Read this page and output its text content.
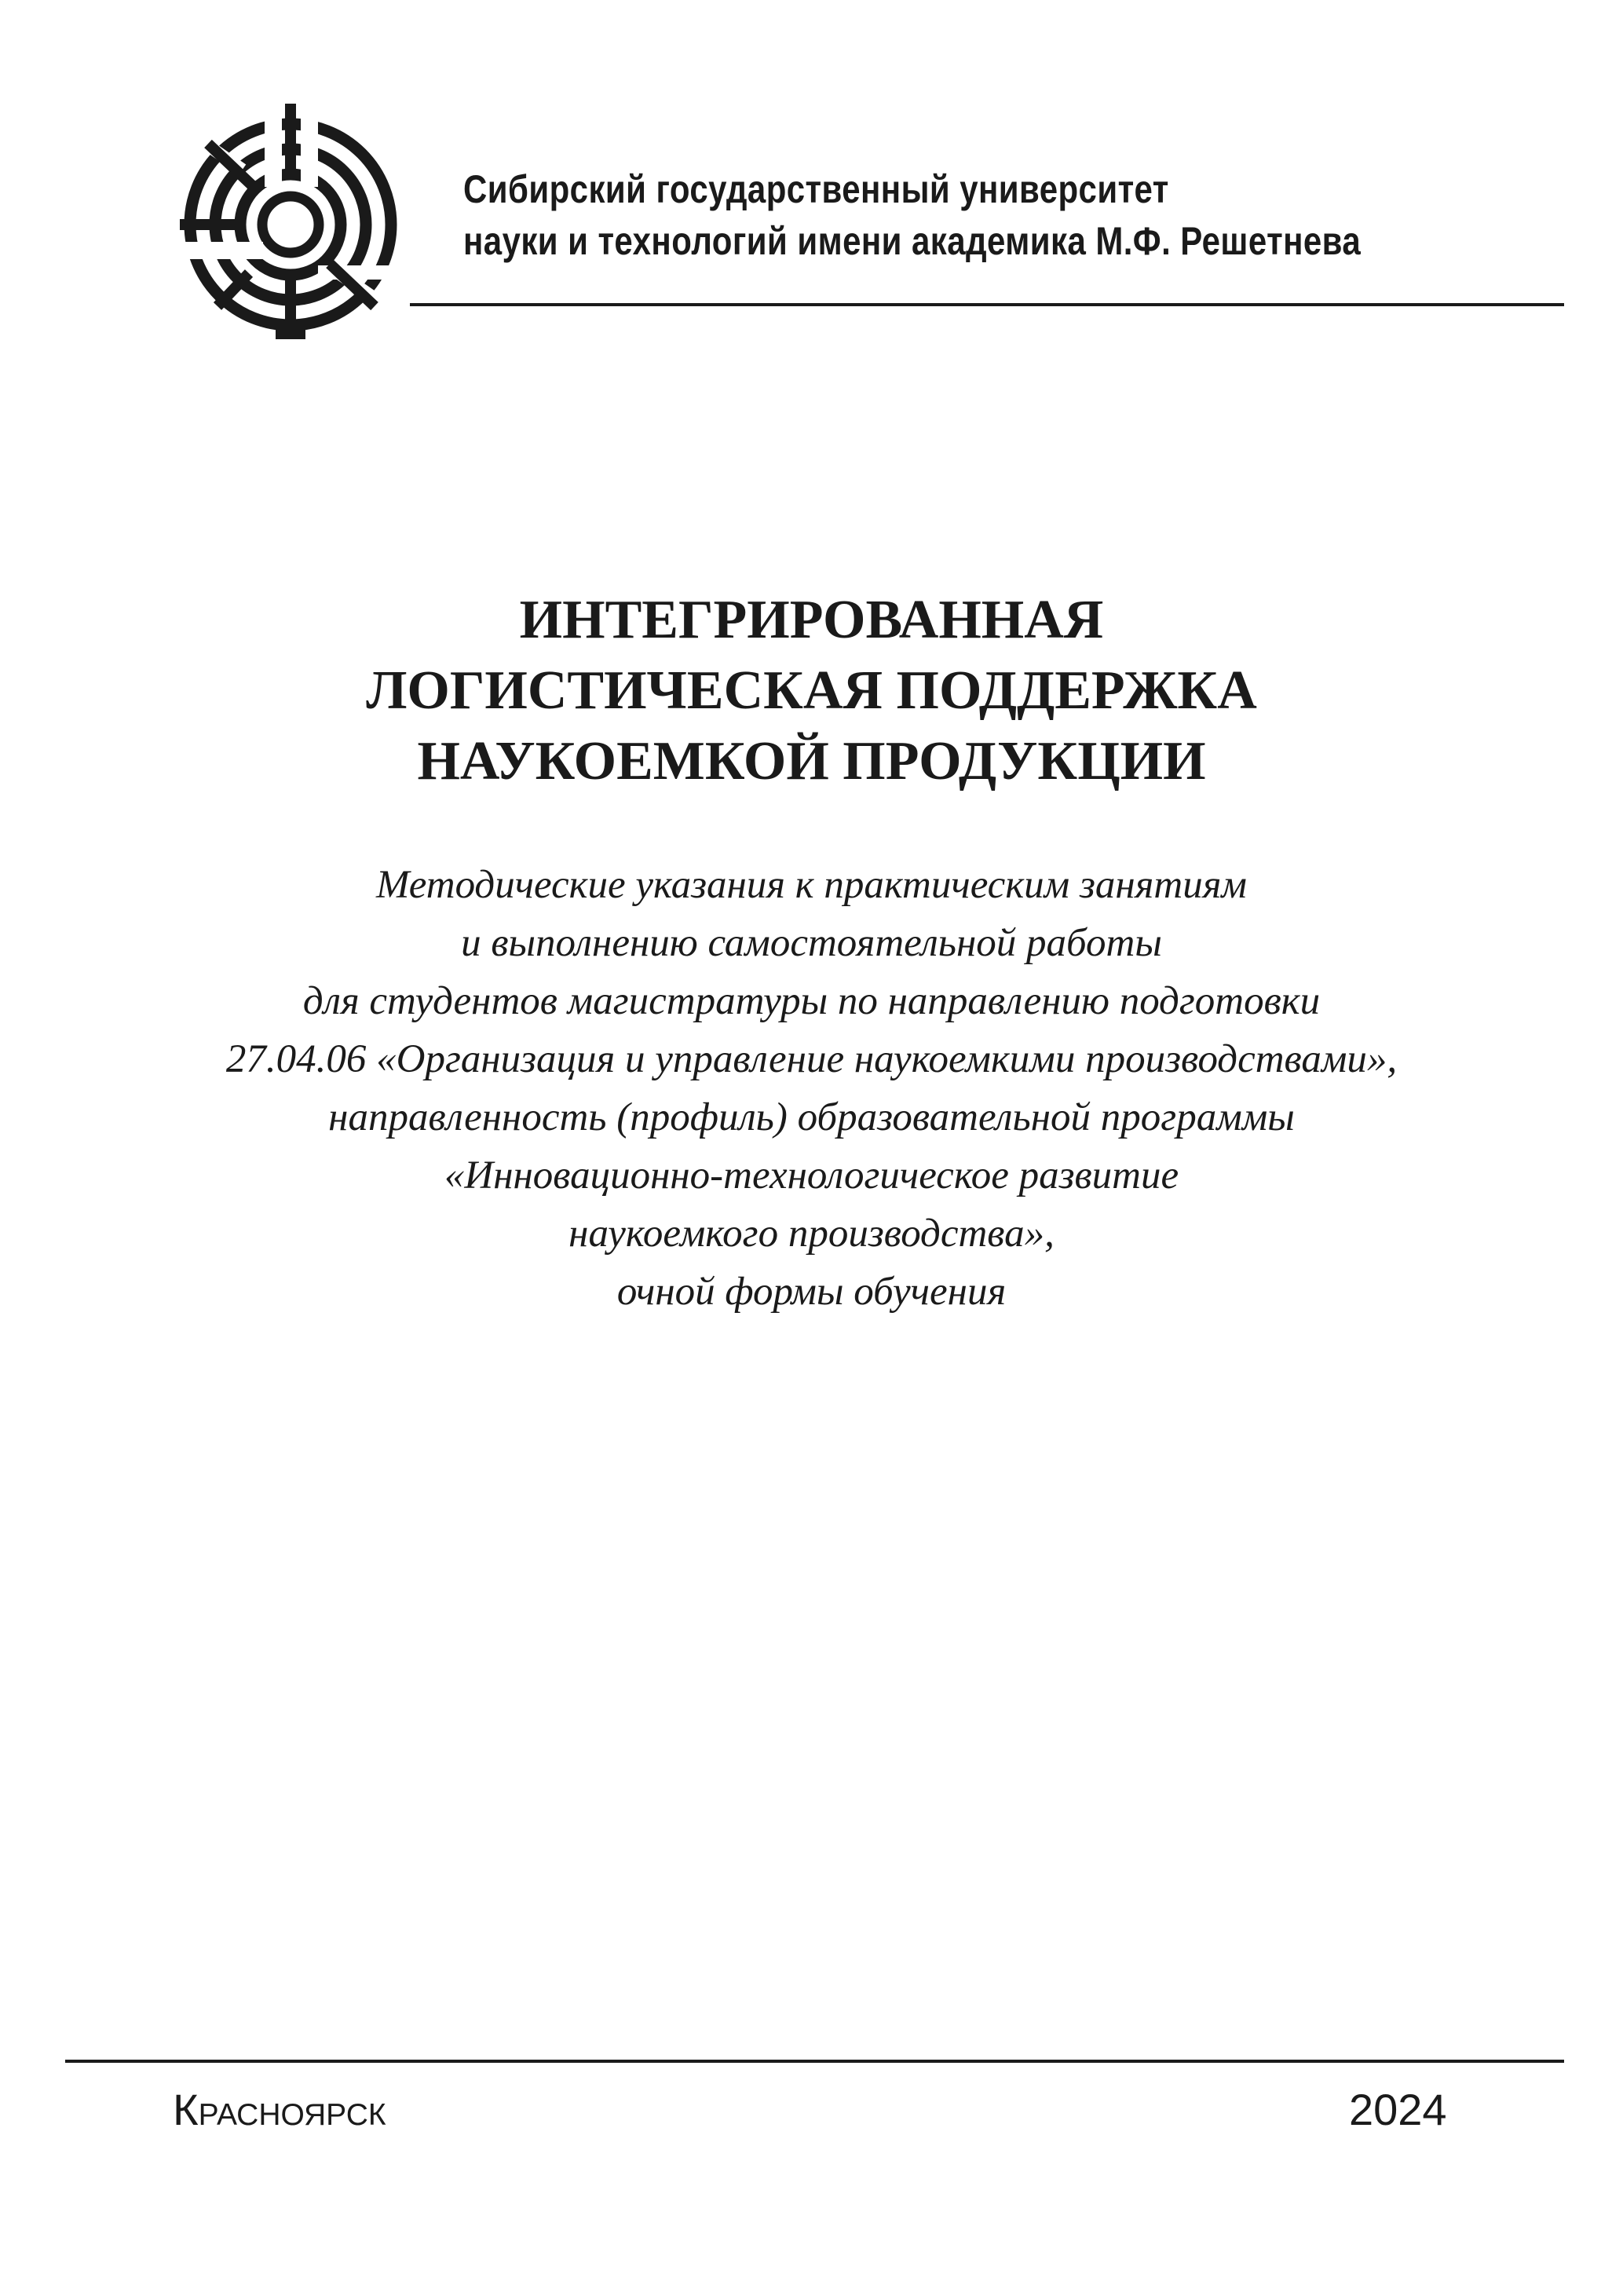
Сибирский государственный университет
науки и технологий имени академика М.Ф. Решетнева
ИНТЕГРИРОВАННАЯ
ЛОГИСТИЧЕСКАЯ ПОДДЕРЖКА
НАУКОЕМКОЙ ПРОДУКЦИИ
Методические указания к практическим занятиям
и выполнению самостоятельной работы
для студентов магистратуры по направлению подготовки
27.04.06 «Организация и управление наукоемкими производствами»,
направленность (профиль) образовательной программы
«Инновационно-технологическое развитие
наукоемкого производства»,
очной формы обучения
Красноярск	2024
